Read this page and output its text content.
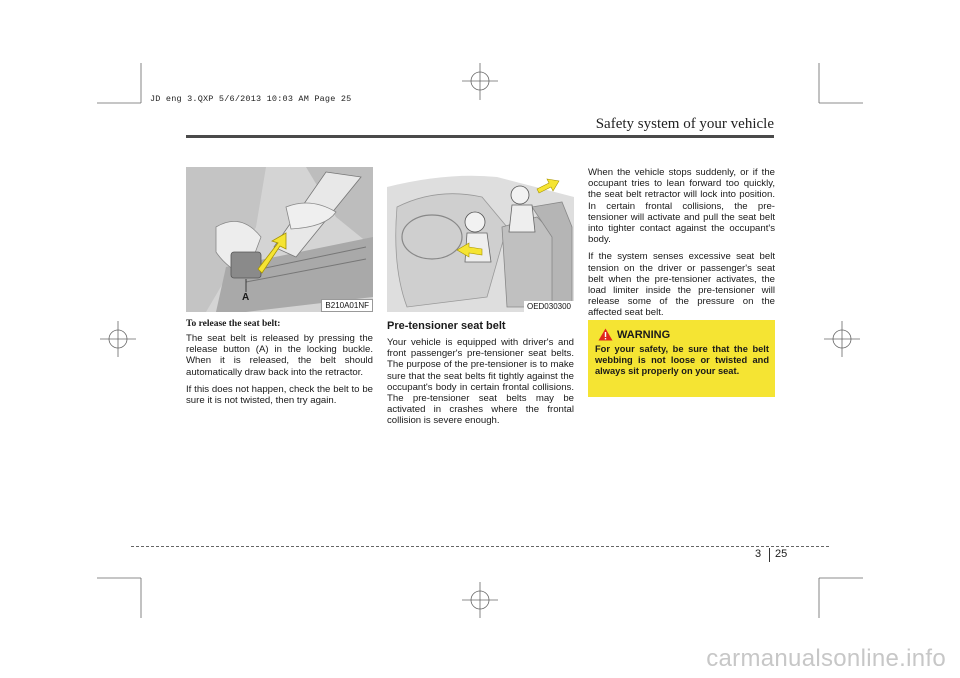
JD eng 3.QXP 5/6/2013 10:03 AM Page 25
Safety system of your vehicle
A
B210A01NF
To release the seat belt:

The seat belt is released by pressing the release button (A) in the locking buckle. When it is released, the belt should automatically draw back into the retractor.

If this does not happen, check the belt to be sure it is not twisted, then try again.

OED030300
Pre-tensioner seat belt

Your vehicle is equipped with driver's and front passenger's pre-tensioner seat belts. The purpose of the pre-tensioner is to make sure that the seat belts fit tightly against the occupant's body in certain frontal collisions. The pre-tensioner seat belts may be activated in crashes where the frontal collision is severe enough.

When the vehicle stops suddenly, or if the occupant tries to lean forward too quickly, the seat belt retractor will lock into position. In certain frontal collisions, the pre-tensioner will activate and pull the seat belt into tighter contact against the occupant's body.

If the system senses excessive seat belt tension on the driver or passenger's seat belt when the pre-tensioner activates, the load limiter inside the pre-tensioner will release some of the pressure on the affected seat belt.

WARNING
For your safety, be sure that the belt webbing is not loose or twisted and always sit properly on your seat.
3 25
carmanualsonline.info
